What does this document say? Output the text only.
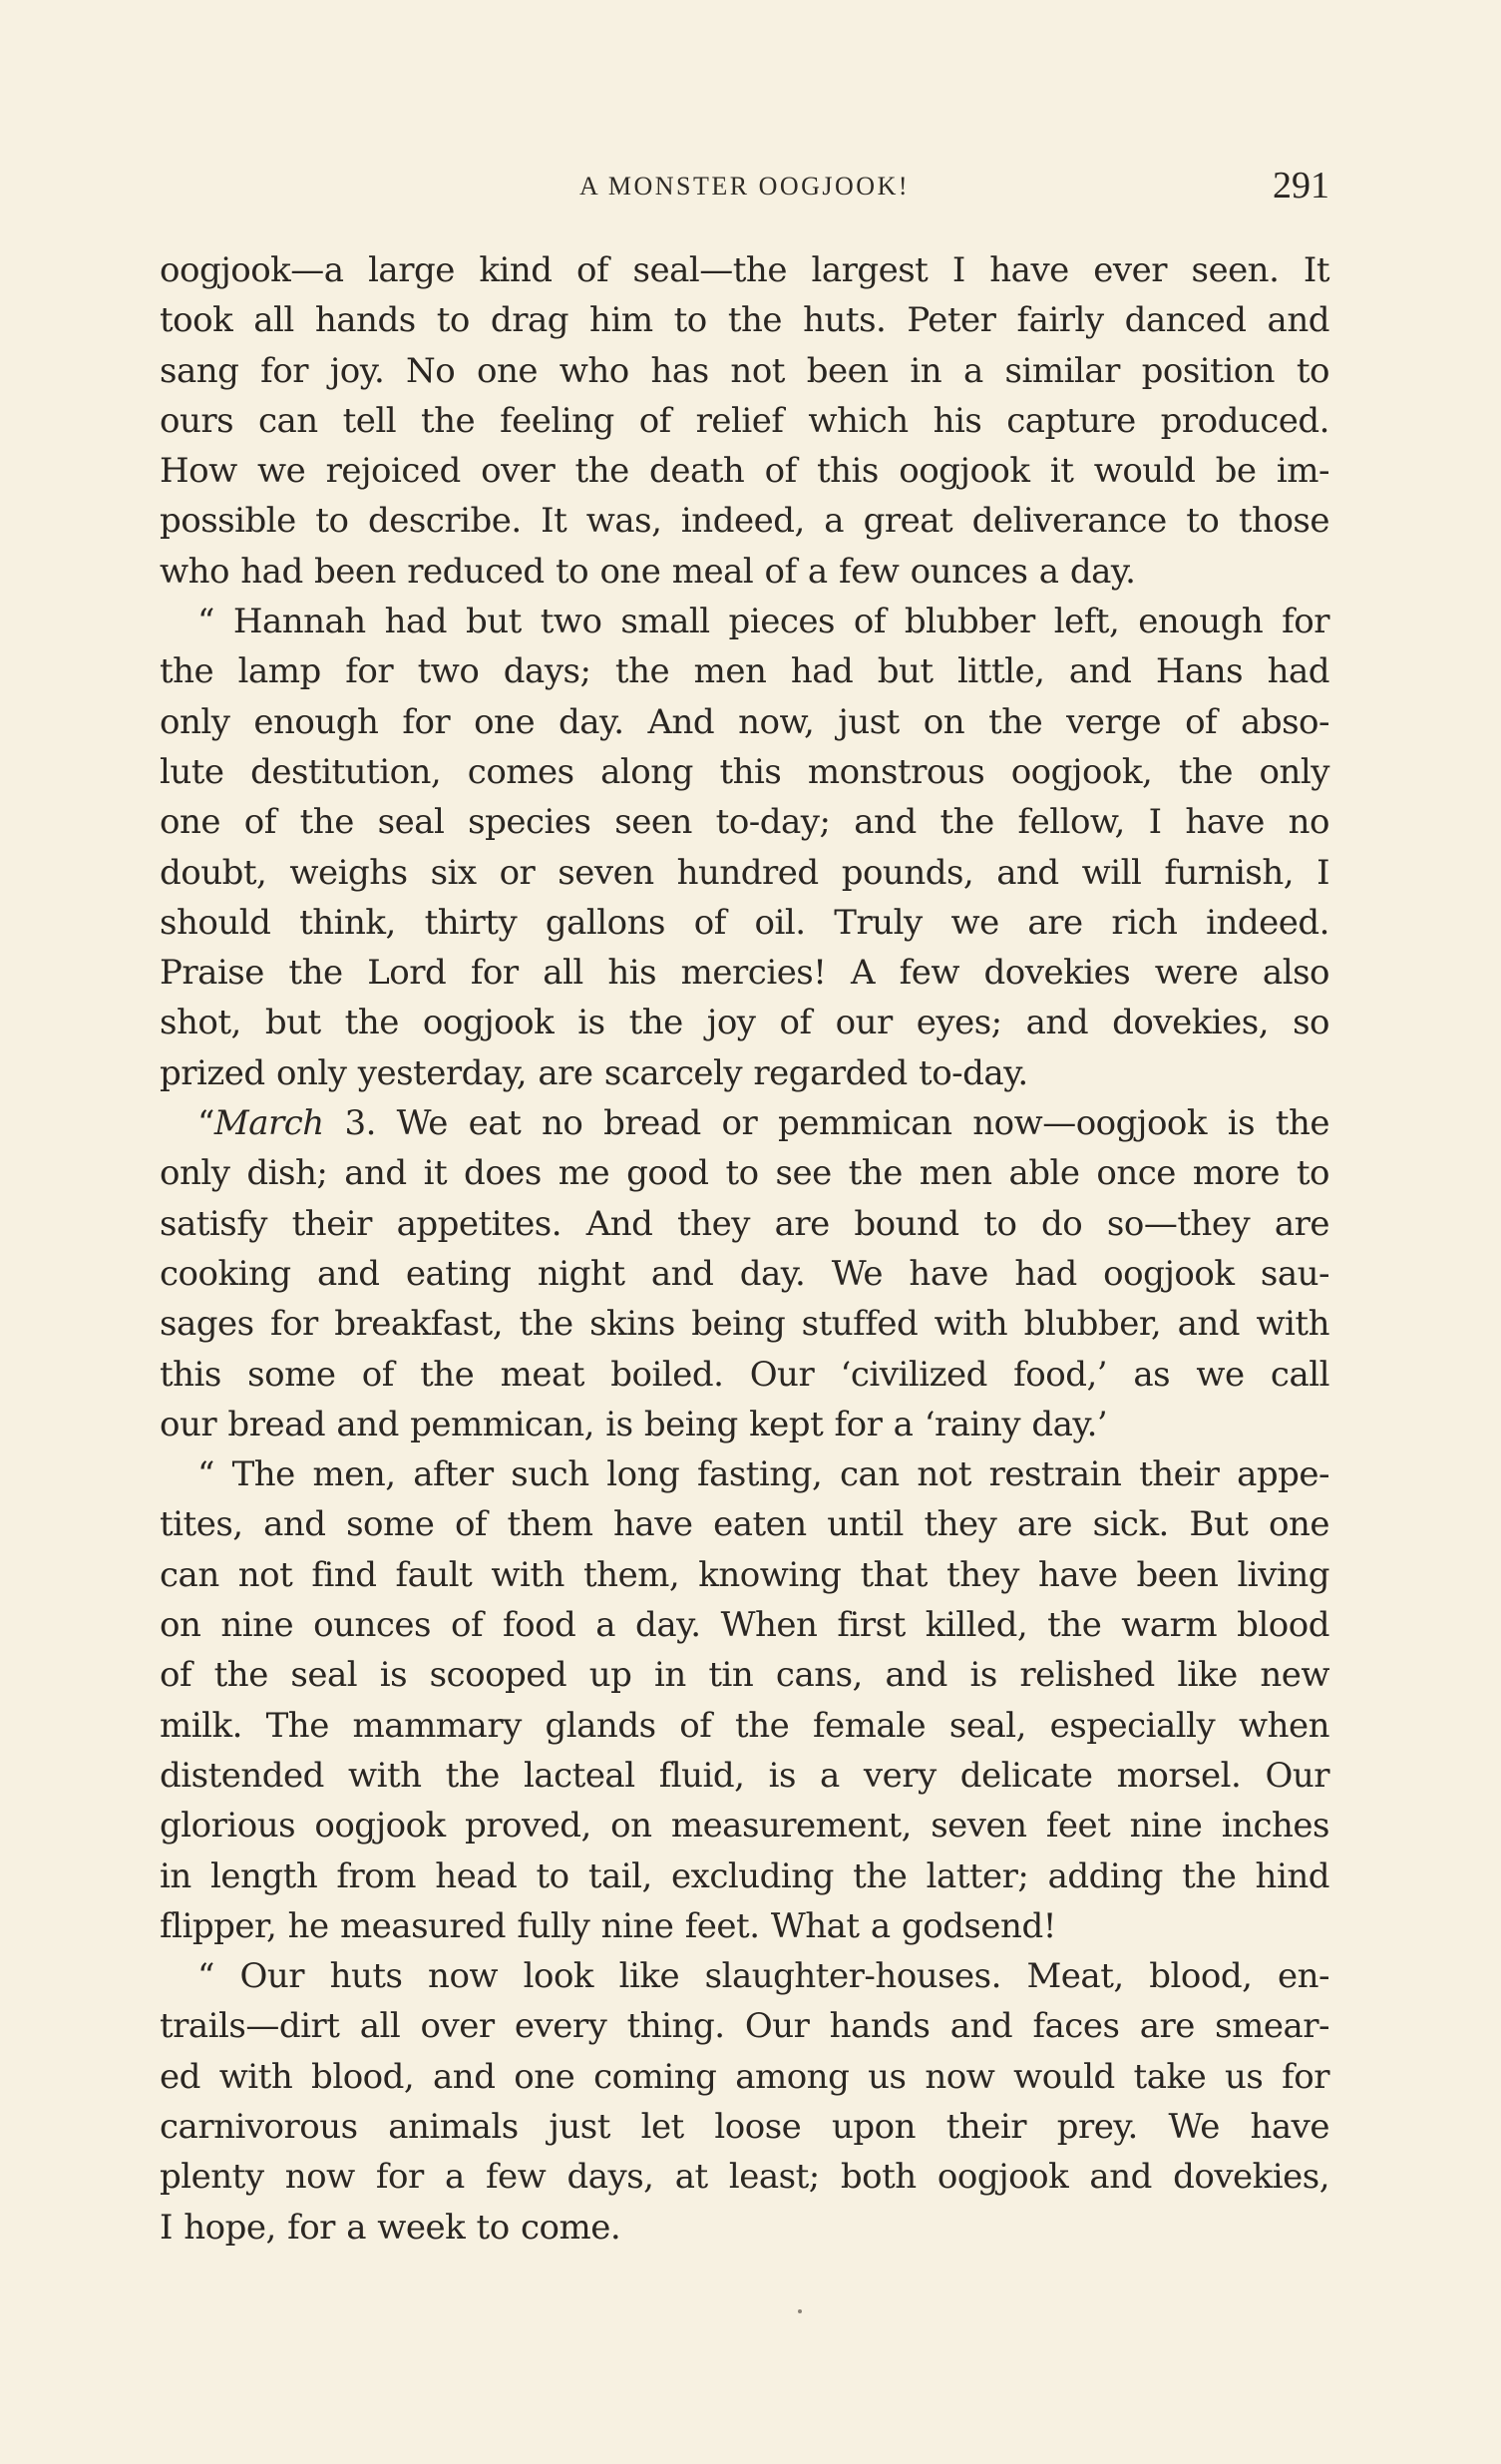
A MONSTER OOGJOOK!	291
oogjook—a large kind of seal—the largest I have ever seen. It
took all hands to drag him to the huts. Peter fairly danced and
sang for joy. No one who has not been in a similar position to
ours can tell the feeling of relief which his capture produced.
How we rejoiced over the death of this oogjook it would be im-
possible to describe. It was, indeed, a great deliverance to those
who had been reduced to one meal of a few ounces a day.
“ Hannah had but two small pieces of blubber left, enough for
the lamp for two days; the men had but little, and Hans had
only enough for one day. And now, just on the verge of abso-
lute destitution, comes along this monstrous oogjook, the only
one of the seal species seen to-day; and the fellow, I have no
doubt, weighs six or seven hundred pounds, and will furnish, I
should think, thirty gallons of oil. Truly we are rich indeed.
Praise the Lord for all his mercies! A few dovekies were also
shot, but the oogjook is the joy of our eyes; and dovekies, so
prized only yesterday, are scarcely regarded to-day.
“March 3. We eat no bread or pemmican now—oogjook is the
only dish; and it does me good to see the men able once more to
satisfy their appetites. And they are bound to do so—they are
cooking and eating night and day. We have had oogjook sau-
sages for breakfast, the skins being stuffed with blubber, and with
this some of the meat boiled. Our ‘civilized food,’ as we call
our bread and pemmican, is being kept for a ‘rainy day.’
“ The men, after such long fasting, can not restrain their appe-
tites, and some of them have eaten until they are sick. But one
can not find fault with them, knowing that they have been living
on nine ounces of food a day. When first killed, the warm blood
of the seal is scooped up in tin cans, and is relished like new
milk. The mammary glands of the female seal, especially when
distended with the lacteal fluid, is a very delicate morsel. Our
glorious oogjook proved, on measurement, seven feet nine inches
in length from head to tail, excluding the latter; adding the hind
flipper, he measured fully nine feet. What a godsend!
“ Our huts now look like slaughter-houses. Meat, blood, en-
trails—dirt all over every thing. Our hands and faces are smear-
ed with blood, and one coming among us now would take us for
carnivorous animals just let loose upon their prey. We have
plenty now for a few days, at least; both oogjook and dovekies,
I hope, for a week to come.
